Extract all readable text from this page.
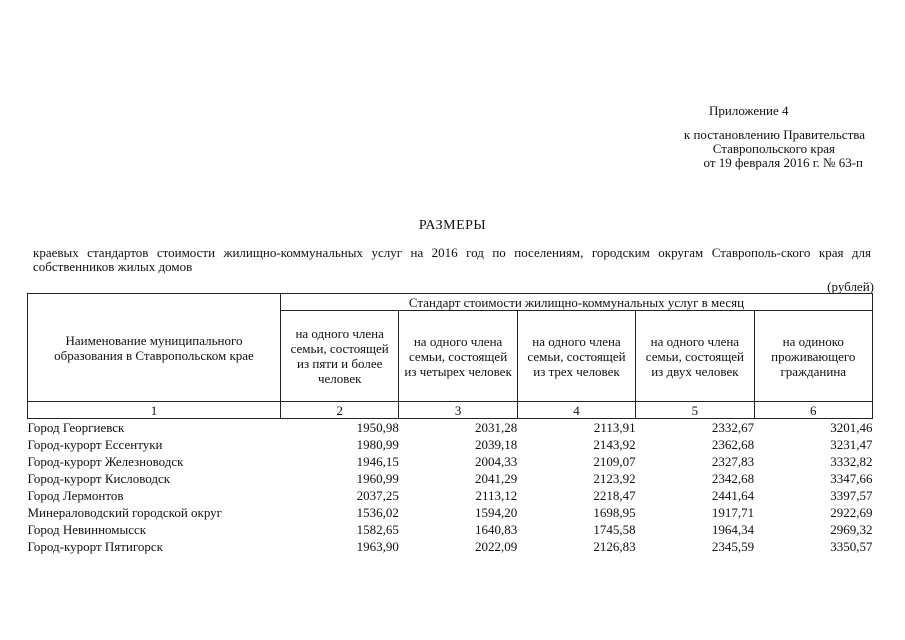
Приложение 4
к постановлению Правительства
Ставропольского края
от 19 февраля 2016 г. № 63-п
РАЗМЕРЫ
краевых стандартов стоимости жилищно-коммунальных услуг на 2016 год по поселениям, городским округам Ставрополь-ского края для собственников жилых домов
(рублей)
Наименование муниципального образования в Ставропольском крае	Стандарт стоимости жилищно-коммунальных услуг в месяц				
	на одного члена семьи, состоящей из пяти и более человек	на одного члена семьи, состоящей из четырех человек	на одного члена семьи, состоящей из трех человек	на одного члена семьи, состоящей из двух человек	на одиноко проживающего гражданина
1	2	3	4	5	6
Город Георгиевск	1950,98	2031,28	2113,91	2332,67	3201,46
Город-курорт Ессентуки	1980,99	2039,18	2143,92	2362,68	3231,47
Город-курорт Железноводск	1946,15	2004,33	2109,07	2327,83	3332,82
Город-курорт Кисловодск	1960,99	2041,29	2123,92	2342,68	3347,66
Город Лермонтов	2037,25	2113,12	2218,47	2441,64	3397,57
Минераловодский городской округ	1536,02	1594,20	1698,95	1917,71	2922,69
Город Невинномысск	1582,65	1640,83	1745,58	1964,34	2969,32
Город-курорт Пятигорск	1963,90	2022,09	2126,83	2345,59	3350,57
